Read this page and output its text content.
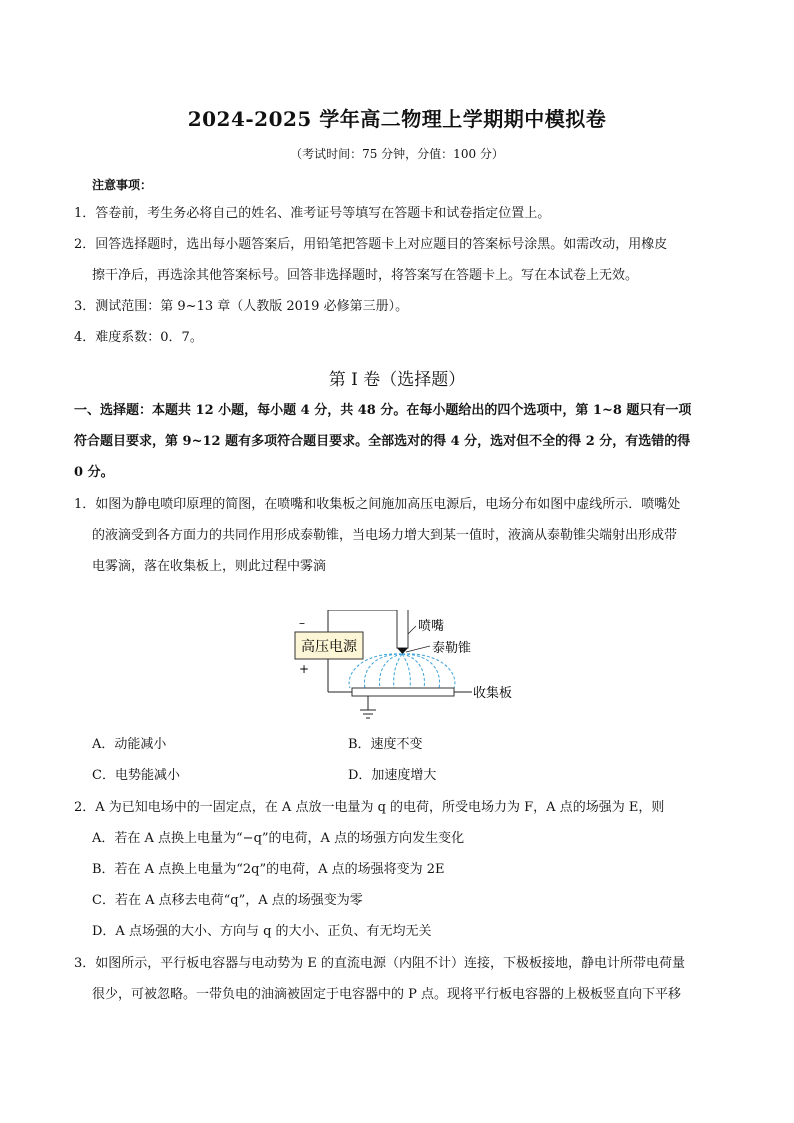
2024-2025 学年高二物理上学期期中模拟卷
（考试时间：75 分钟，分值：100 分）
注意事项：
1．答卷前，考生务必将自己的姓名、准考证号等填写在答题卡和试卷指定位置上。
2．回答选择题时，选出每小题答案后，用铅笔把答题卡上对应题目的答案标号涂黑。如需改动，用橡皮
擦干净后，再选涂其他答案标号。回答非选择题时，将答案写在答题卡上。写在本试卷上无效。
3．测试范围：第 9~13 章（人教版 2019 必修第三册）。
4．难度系数：0．7。
第 I 卷（选择题）
一、选择题：本题共 12 小题，每小题 4 分，共 48 分。在每小题给出的四个选项中，第 1~8 题只有一项
符合题目要求，第 9~12 题有多项符合题目要求。全部选对的得 4 分，选对但不全的得 2 分，有选错的得
0 分。
1．如图为静电喷印原理的简图，在喷嘴和收集板之间施加高压电源后，电场分布如图中虚线所示．喷嘴处
的液滴受到各方面力的共同作用形成泰勒锥，当电场力增大到某一值时，液滴从泰勒锥尖端射出形成带
电雾滴，落在收集板上，则此过程中雾滴
高压电源
–
+
喷嘴
泰勒锥
收集板
A．动能减小	B．速度不变
C．电势能减小	D．加速度增大
2．A 为已知电场中的一固定点，在 A 点放一电量为 q 的电荷，所受电场力为 F，A 点的场强为 E，则
A．若在 A 点换上电量为“−q”的电荷，A 点的场强方向发生变化
B．若在 A 点换上电量为“2q”的电荷，A 点的场强将变为 2E
C．若在 A 点移去电荷“q”，A 点的场强变为零
D．A 点场强的大小、方向与 q 的大小、正负、有无均无关
3．如图所示，平行板电容器与电动势为 E 的直流电源（内阻不计）连接，下极板接地，静电计所带电荷量
很少，可被忽略。一带负电的油滴被固定于电容器中的 P 点。现将平行板电容器的上极板竖直向下平移
